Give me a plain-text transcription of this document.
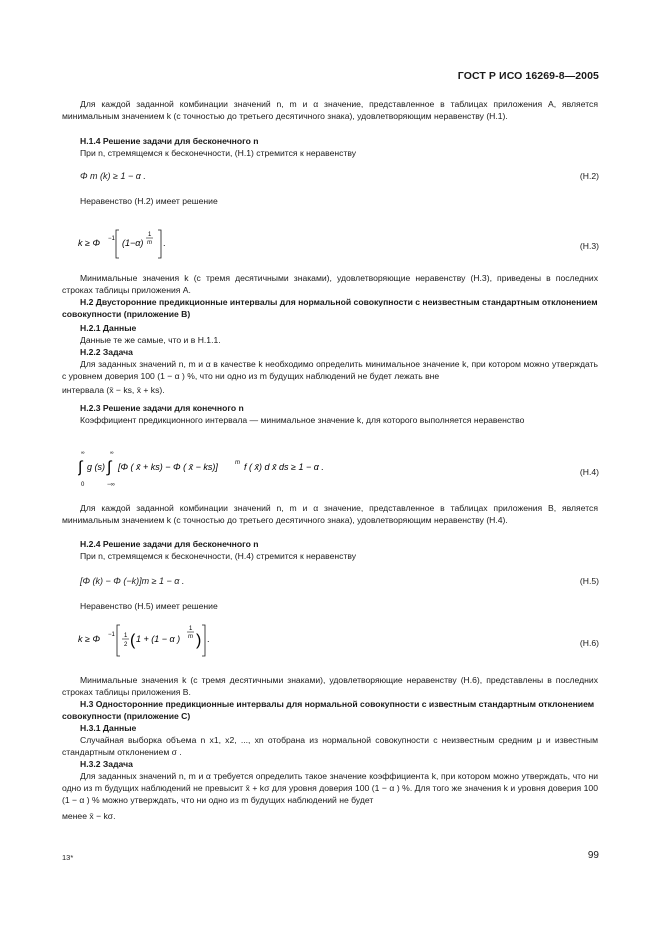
ГОСТ Р ИСО 16269-8—2005
Для каждой заданной комбинации значений n, m и α значение, представленное в таблицах приложения А, является минимальным значением k (с точностью до третьего десятичного знака), удовлетворяющим неравенству (Н.1).
Н.1.4 Решение задачи для бесконечного n
При n, стремящемся к бесконечности, (Н.1) стремится к неравенству
Φ m (k) ≥ 1 − α .	(Н.2)
Неравенство (Н.2) имеет решение
k ≥ Φ −1 (1−α)
1
m .	(Н.3)
Минимальные значения k (с тремя десятичными знаками), удовлетворяющие неравенству (Н.3), приведены в последних строках таблицы приложения А.
Н.2 Двусторонние предикционные интервалы для нормальной совокупности с неизвестным стандартным отклонением совокупности (приложение В)
Н.2.1 Данные
Данные те же самые, что и в Н.1.1.
Н.2.2 Задача
Для заданных значений n, m и α в качестве k необходимо определить минимальное значение k, при котором можно утверждать с уровнем доверия 100 (1 − α ) %, что ни одно из m будущих наблюдений не будет лежать вне
интервала (x̄ − ks, x̄ + ks).
Н.2.3 Решение задачи для конечного n
Коэффициент предикционного интервала — минимальное значение k, для которого выполняется неравенство
∞
∫
0
g (s)
∞
∫
−∞
[Φ ( x̄ + ks) − Φ ( x̄ − ks)]	m f ( x̄) d x̄ ds ≥ 1 − α .	(Н.4)
Для каждой заданной комбинации значений n, m и α значение, представленное в таблицах приложения В, является минимальным значением k (с точностью до третьего десятичного знака), удовлетворяющим неравенству (Н.4).
Н.2.4 Решение задачи для бесконечного n
При n, стремящемся к бесконечности, (Н.4) стремится к неравенству
[Φ (k) − Φ (−k)]m ≥ 1 − α .	(Н.5)
Неравенство (Н.5) имеет решение
k ≥ Φ −1 1
2 ( 1 + (1 − α )
1
m ) .	(Н.6)
Минимальные значения k (с тремя десятичными знаками), удовлетворяющие неравенству (Н.6), представлены в последних строках таблицы приложения В.
Н.3 Односторонние предикционные интервалы для нормальной совокупности с известным стандартным отклонением совокупности (приложение С)
Н.3.1 Данные
Случайная выборка объема n x1, x2, ..., xn отобрана из нормальной совокупности с неизвестным средним μ и известным стандартным отклонением σ .
Н.3.2 Задача
Для заданных значений n, m и α требуется определить такое значение коэффициента k, при котором можно утверждать, что ни одно из m будущих наблюдений не превысит x̄ + kσ для уровня доверия 100 (1 − α ) %. Для того же значения k и уровня доверия 100 (1 − α ) % можно утверждать, что ни одно из m будущих наблюдений не будет
менее x̄ − kσ.
13*	99
